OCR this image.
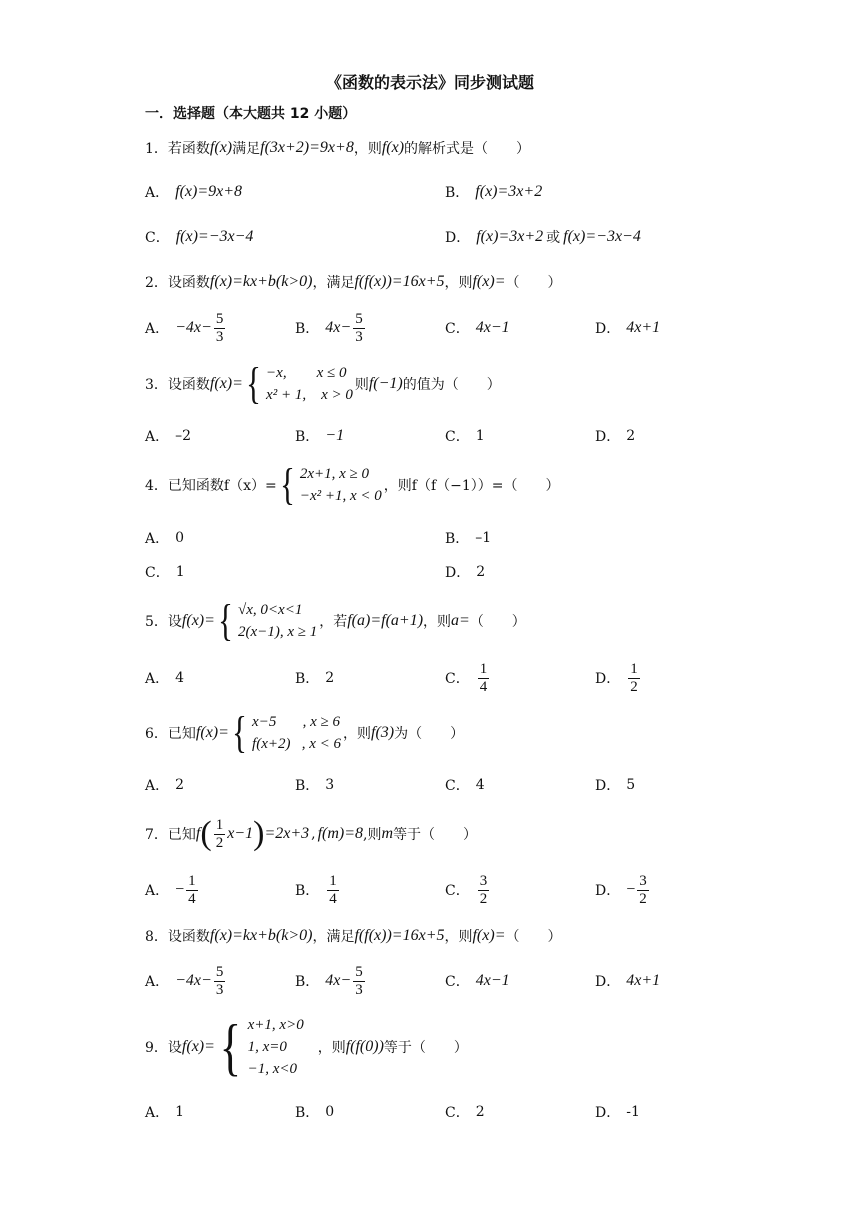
《函数的表示法》同步测试题
一．选择题（本大题共 12 小题）
1．若函数 f(x) 满足 f(3x+2)=9x+8 ，则 f(x) 的解析式是（　　）
A． f(x)=9x+8	B． f(x)=3x+2
C． f(x)=−3x−4	D． f(x)=3x+2 或 f(x)=−3x−4
2．设函数 f(x)=kx+b(k>0) ，满足 f(f(x))=16x+5 ，则 f(x)= （　　）
A． $-4x- \frac{5}{3}$	B． $4x- \frac{5}{3}$	C． 4x−1	D． 4x+1
3．设函数 f(x)= { −x,        x ≤ 0
x² + 1,    x > 0
则 f(−1) 的值为（　　）
A． –2	B． −1	C． 1	D． 2
4．已知函数 f（x）= { 2x+1, x ≥ 0
−x² +1, x < 0
，则 f（f（−1））=（　　）
A． 0	B． –1
C． 1	D． 2
5．设 f(x)= { √x, 0<x<1
2(x−1), x ≥ 1
，若 f(a)=f(a+1) ，则 a= （　　）
A． 4	B． 2	C． $\frac{1}{4}$	D． $\frac{1}{2}$
6．已知 f(x)= { x−5       , x ≥ 6
f(x+2)   , x < 6
，则 f(3) 为（　　）
A． 2	B． 3	C． 4	D． 5
7．已知 f ( $\frac{1}{2} x-1$ ) =2x+3 , f(m)=8 ,则 m 等于（　　）
A． − $\frac{1}{4}$	B． $\frac{1}{4}$	C． $\frac{3}{2}$	D． − $\frac{3}{2}$
8．设函数 f(x)=kx+b(k>0) ，满足 f(f(x))=16x+5 ，则 f(x)= （　　）
A． $-4x- \frac{5}{3}$	B． $4x- \frac{5}{3}$	C． 4x−1	D． 4x+1
9．设 f(x)= { x+1, x>0
1, x=0
−1, x<0
，则 f(f(0)) 等于（　　）
A． 1	B． 0	C． 2	D． -1
